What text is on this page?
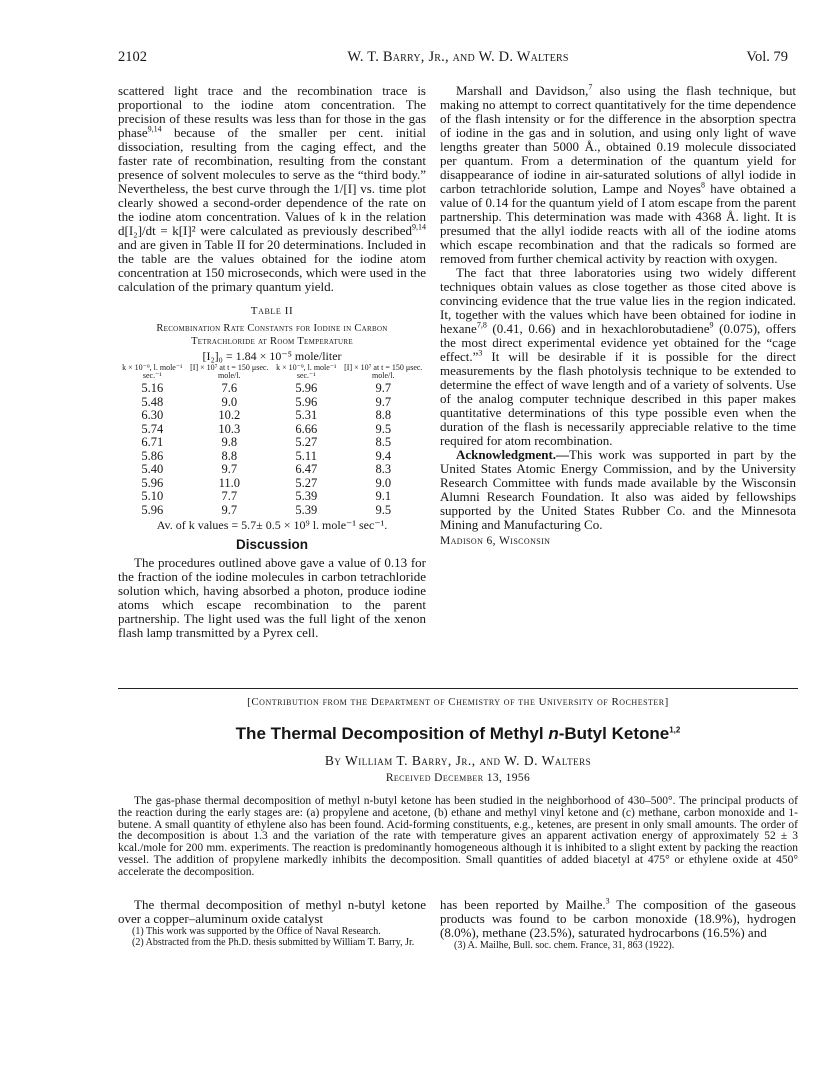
2102	W. T. Barry, Jr., and W. D. Walters	Vol. 79

scattered light trace and the recombination trace is proportional to the iodine atom concentration. The precision of these results was less than for those in the gas phase$^{9,14}$ because of the smaller per cent. initial dissociation, resulting from the caging effect, and the faster rate of recombination, resulting from the constant presence of solvent molecules to serve as the “third body.” Nevertheless, the best curve through the 1/[I] vs. time plot clearly showed a second-order dependence of the rate on the iodine atom concentration. Values of k in the relation d[I₂]/dt = k[I]² were calculated as previously described$^{9,14}$ and are given in Table II for 20 determinations. Included in the table are the values obtained for the iodine atom concentration at 150 microseconds, which were used in the calculation of the primary quantum yield.

Table II
Recombination Rate Constants for Iodine in Carbon
Tetrachloride at Room Temperature
[I₂]₀ = 1.84 × 10⁻⁵ mole/liter
k × 10⁻⁹, l. mole⁻¹ sec.⁻¹	[I] × 10⁷ at t = 150 μsec. mole/l.	k × 10⁻⁹, l. mole⁻¹ sec.⁻¹	[I] × 10⁷ at t = 150 μsec. mole/l.
5.16	7.6	5.96	9.7
5.48	9.0	5.96	9.7
6.30	10.2	5.31	8.8
5.74	10.3	6.66	9.5
6.71	9.8	5.27	8.5
5.86	8.8	5.11	9.4
5.40	9.7	6.47	8.3
5.96	11.0	5.27	9.0
5.10	7.7	5.39	9.1
5.96	9.7	5.39	9.5
Av. of k values = 5.7± 0.5 × 10⁹ l. mole⁻¹ sec⁻¹.
Discussion

The procedures outlined above gave a value of 0.13 for the fraction of the iodine molecules in carbon tetrachloride solution which, having absorbed a photon, produce iodine atoms which escape recombination to the parent partnership. The light used was the full light of the xenon flash lamp transmitted by a Pyrex cell.

Marshall and Davidson,$^7$ also using the flash technique, but making no attempt to correct quantitatively for the time dependence of the flash intensity or for the difference in the absorption spectra of iodine in the gas and in solution, and using only light of wave lengths greater than 5000 Å., obtained 0.19 molecule dissociated per quantum. From a determination of the quantum yield for disappearance of iodine in air-saturated solutions of allyl iodide in carbon tetrachloride solution, Lampe and Noyes$^8$ have obtained a value of 0.14 for the quantum yield of I atom escape from the parent partnership. This determination was made with 4368 Å. light. It is presumed that the allyl iodide reacts with all of the iodine atoms which escape recombination and that the radicals so formed are removed from further chemical activity by reaction with oxygen.

The fact that three laboratories using two widely different techniques obtain values as close together as those cited above is convincing evidence that the true value lies in the region indicated. It, together with the values which have been obtained for iodine in hexane$^{7,8}$ (0.41, 0.66) and in hexachlorobutadiene$^9$ (0.075), offers the most direct experimental evidence yet obtained for the “cage effect.”$^3$ It will be desirable if it is possible for the direct measurements by the flash photolysis technique to be extended to determine the effect of wave length and of a variety of solvents. Use of the analog computer technique described in this paper makes quantitative determinations of this type possible even when the duration of the flash is necessarily appreciable relative to the time required for atom recombination.

Acknowledgment.—This work was supported in part by the United States Atomic Energy Commission, and by the University Research Committee with funds made available by the Wisconsin Alumni Research Foundation. It also was aided by fellowships supported by the United States Rubber Co. and the Minnesota Mining and Manufacturing Co.

Madison 6, Wisconsin
[Contribution from the Department of Chemistry of the University of Rochester]
The Thermal Decomposition of Methyl n-Butyl Ketone$^{1,2}$
By William T. Barry, Jr., and W. D. Walters
Received December 13, 1956
The gas-phase thermal decomposition of methyl n-butyl ketone has been studied in the neighborhood of 430–500°. The principal products of the reaction during the early stages are: (a) propylene and acetone, (b) ethane and methyl vinyl ketone and (c) methane, carbon monoxide and 1-butene. A small quantity of ethylene also has been found. Acid-forming constituents, e.g., ketenes, are present in only small amounts. The order of the decomposition is about 1.3 and the variation of the rate with temperature gives an apparent activation energy of approximately 52 ± 3 kcal./mole for 200 mm. experiments. The reaction is predominantly homogeneous although it is inhibited to a slight extent by packing the reaction vessel. The addition of propylene markedly inhibits the decomposition. Small quantities of added biacetyl at 475° or ethylene oxide at 450° accelerate the decomposition.

The thermal decomposition of methyl n-butyl ketone over a copper–aluminum oxide catalyst

(1) This work was supported by the Office of Naval Research.

(2) Abstracted from the Ph.D. thesis submitted by William T. Barry, Jr.

has been reported by Mailhe.$^3$ The composition of the gaseous products was found to be carbon monoxide (18.9%), hydrogen (8.0%), methane (23.5%), saturated hydrocarbons (16.5%) and

(3) A. Mailhe, Bull. soc. chem. France, 31, 863 (1922).
